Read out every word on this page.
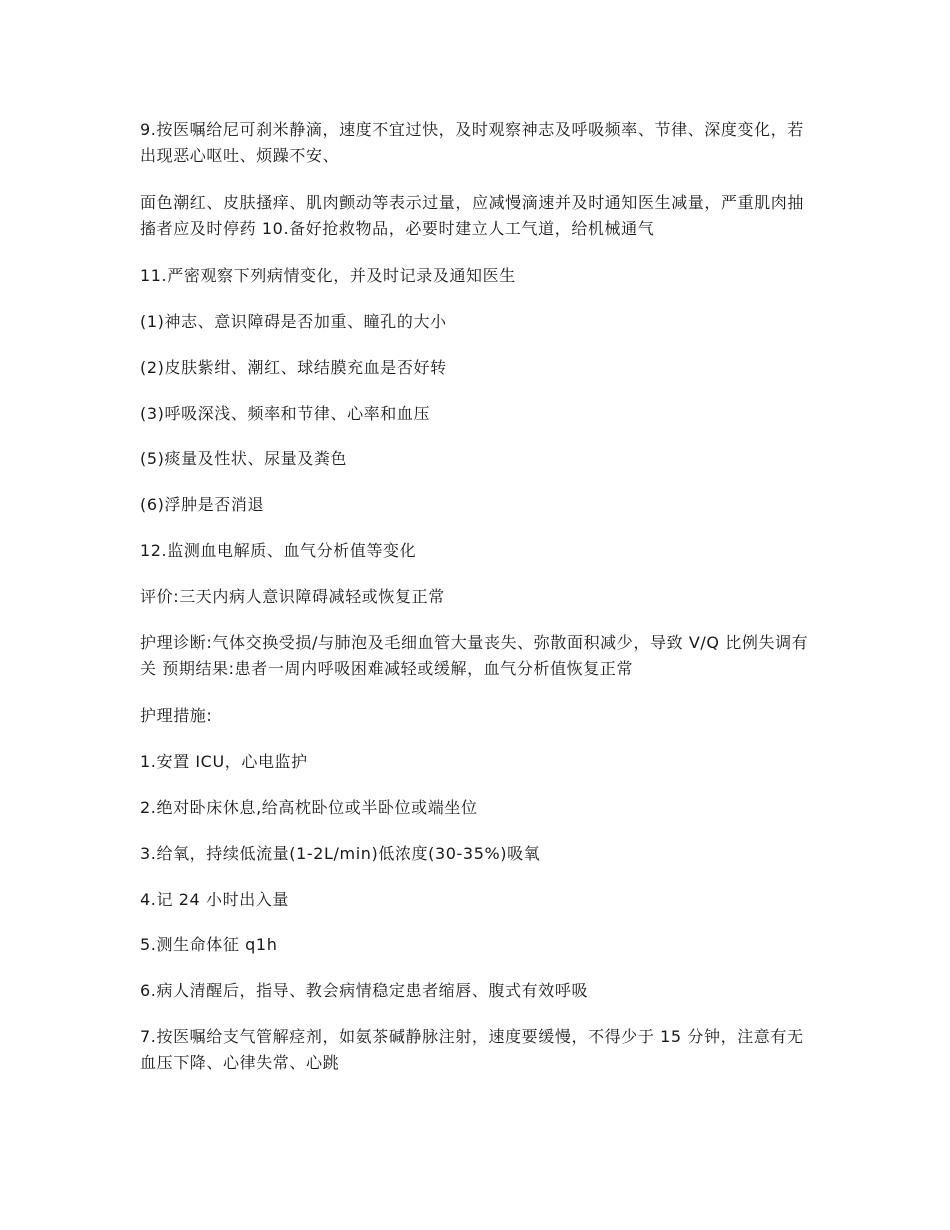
9.按医嘱给尼可刹米静滴，速度不宜过快，及时观察神志及呼吸频率、节律、深度变化，若出现恶心呕吐、烦躁不安、

面色潮红、皮肤搔痒、肌肉颤动等表示过量，应减慢滴速并及时通知医生减量，严重肌肉抽搐者应及时停药 10.备好抢救物品，必要时建立人工气道，给机械通气

11.严密观察下列病情变化，并及时记录及通知医生

(1)神志、意识障碍是否加重、瞳孔的大小

(2)皮肤紫绀、潮红、球结膜充血是否好转

(3)呼吸深浅、频率和节律、心率和血压

(5)痰量及性状、尿量及粪色

(6)浮肿是否消退

12.监测血电解质、血气分析值等变化

评价:三天内病人意识障碍减轻或恢复正常

护理诊断:气体交换受损/与肺泡及毛细血管大量丧失、弥散面积减少，导致 V/Q 比例失调有关 预期结果:患者一周内呼吸困难减轻或缓解，血气分析值恢复正常

护理措施:

1.安置 ICU，心电监护

2.绝对卧床休息,给高枕卧位或半卧位或端坐位

3.给氧，持续低流量(1-2L/min)低浓度(30-35%)吸氧

4.记 24 小时出入量

5.测生命体征 q1h

6.病人清醒后，指导、教会病情稳定患者缩唇、腹式有效呼吸

7.按医嘱给支气管解痉剂，如氨茶碱静脉注射，速度要缓慢，不得少于 15 分钟，注意有无血压下降、心律失常、心跳
